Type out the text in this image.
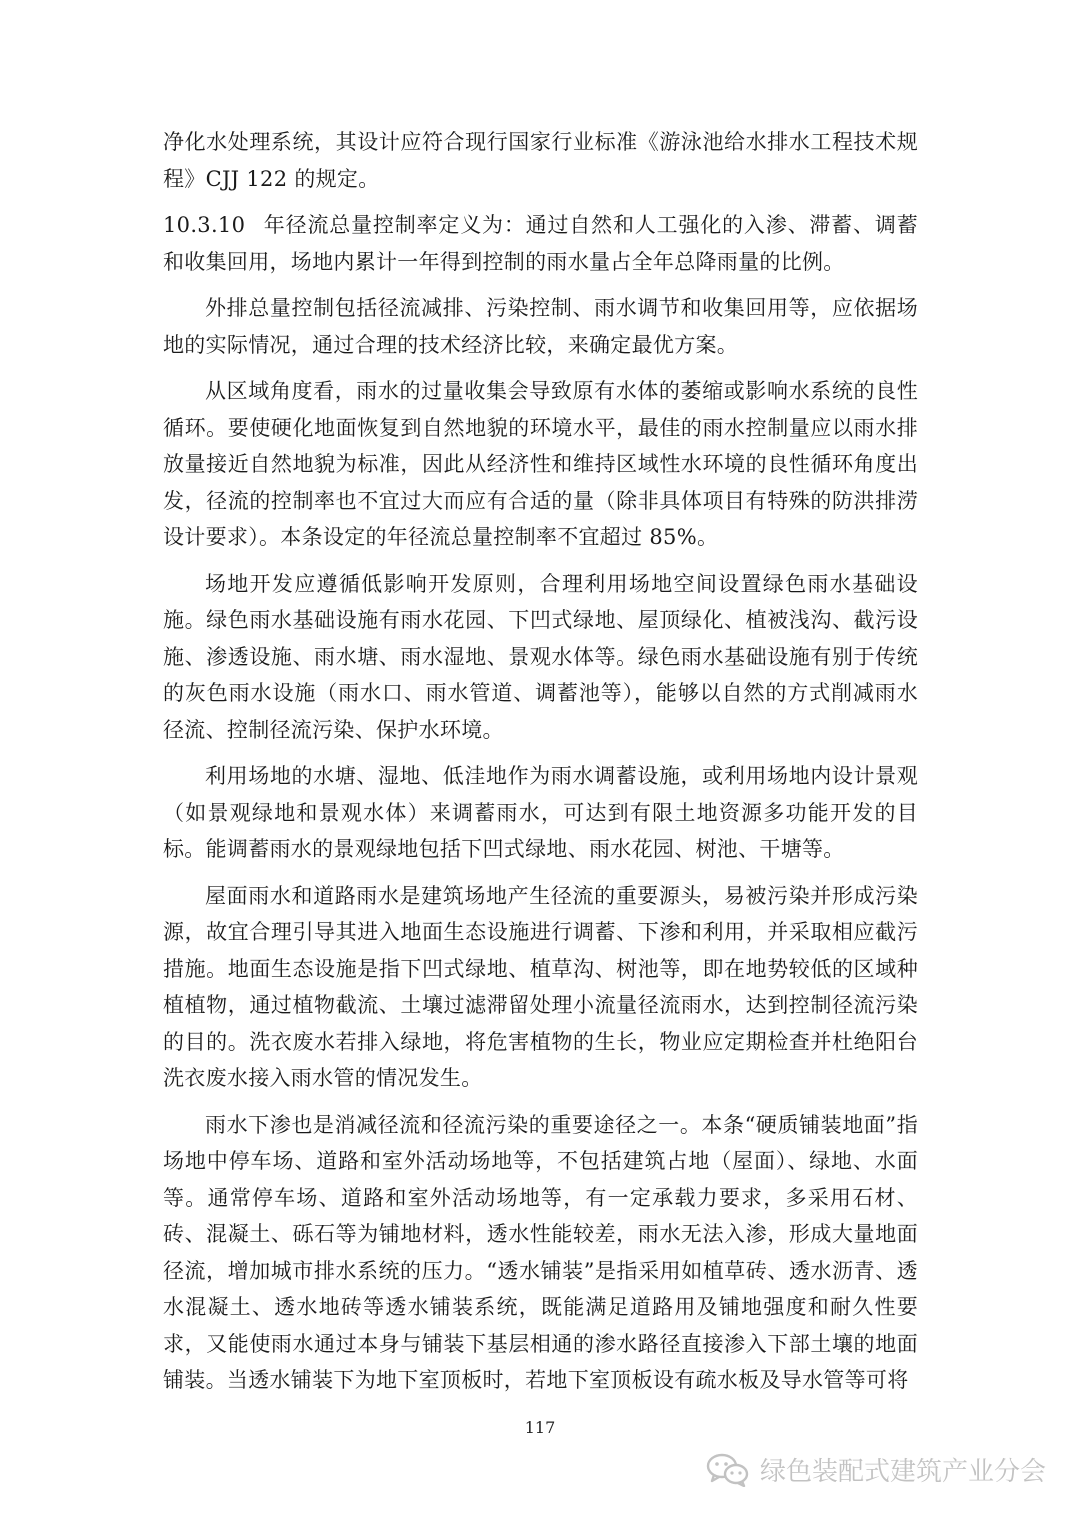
净化水处理系统，其设计应符合现行国家行业标准《游泳池给水排水工程技术规程》CJJ 122 的规定。

10.3.10 年径流总量控制率定义为：通过自然和人工强化的入渗、滞蓄、调蓄和收集回用，场地内累计一年得到控制的雨水量占全年总降雨量的比例。

外排总量控制包括径流减排、污染控制、雨水调节和收集回用等，应依据场地的实际情况，通过合理的技术经济比较，来确定最优方案。

从区域角度看，雨水的过量收集会导致原有水体的萎缩或影响水系统的良性循环。要使硬化地面恢复到自然地貌的环境水平，最佳的雨水控制量应以雨水排放量接近自然地貌为标准，因此从经济性和维持区域性水环境的良性循环角度出发，径流的控制率也不宜过大而应有合适的量（除非具体项目有特殊的防洪排涝设计要求）。本条设定的年径流总量控制率不宜超过 85%。

场地开发应遵循低影响开发原则，合理利用场地空间设置绿色雨水基础设施。绿色雨水基础设施有雨水花园、下凹式绿地、屋顶绿化、植被浅沟、截污设施、渗透设施、雨水塘、雨水湿地、景观水体等。绿色雨水基础设施有别于传统的灰色雨水设施（雨水口、雨水管道、调蓄池等），能够以自然的方式削减雨水径流、控制径流污染、保护水环境。

利用场地的水塘、湿地、低洼地作为雨水调蓄设施，或利用场地内设计景观（如景观绿地和景观水体）来调蓄雨水，可达到有限土地资源多功能开发的目标。能调蓄雨水的景观绿地包括下凹式绿地、雨水花园、树池、干塘等。

屋面雨水和道路雨水是建筑场地产生径流的重要源头，易被污染并形成污染源，故宜合理引导其进入地面生态设施进行调蓄、下渗和利用，并采取相应截污措施。地面生态设施是指下凹式绿地、植草沟、树池等，即在地势较低的区域种植植物，通过植物截流、土壤过滤滞留处理小流量径流雨水，达到控制径流污染的目的。洗衣废水若排入绿地，将危害植物的生长，物业应定期检查并杜绝阳台洗衣废水接入雨水管的情况发生。

雨水下渗也是消减径流和径流污染的重要途径之一。本条“硬质铺装地面”指场地中停车场、道路和室外活动场地等，不包括建筑占地（屋面）、绿地、水面等。通常停车场、道路和室外活动场地等，有一定承载力要求，多采用石材、砖、混凝土、砾石等为铺地材料，透水性能较差，雨水无法入渗，形成大量地面径流，增加城市排水系统的压力。“透水铺装”是指采用如植草砖、透水沥青、透水混凝土、透水地砖等透水铺装系统，既能满足道路用及铺地强度和耐久性要求，又能使雨水通过本身与铺装下基层相通的渗水路径直接渗入下部土壤的地面铺装。当透水铺装下为地下室顶板时，若地下室顶板设有疏水板及导水管等可将

117
绿色装配式建筑产业分会
